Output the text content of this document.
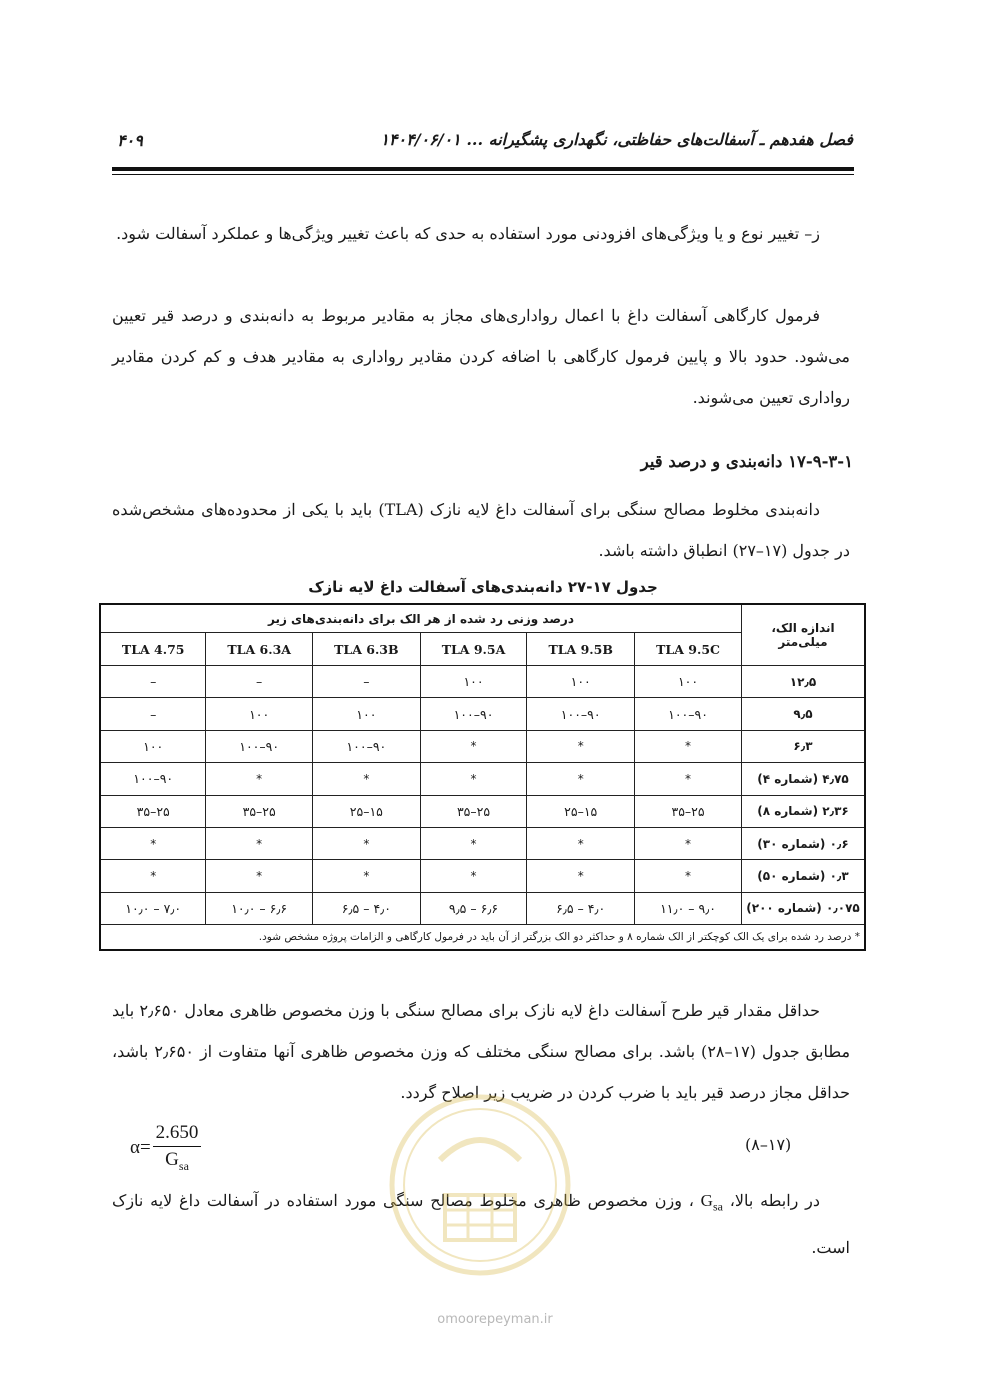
فصل هفدهم ـ آسفالت‌های حفاظتی، نگهداری پشگیرانه ... ۱۴۰۴/۰۶/۰۱
۴۰۹

ز– تغییر نوع و یا ویژگی‌های افزودنی مورد استفاده به حدی که باعث تغییر ویژگی‌ها و عملکرد آسفالت شود.

فرمول کارگاهی آسفالت داغ با اعمال رواداری‌های مجاز به مقادیر مربوط به دانه‌بندی و درصد قیر تعیین می‌شود. حدود بالا و پایین فرمول کارگاهی با اضافه کردن مقادیر رواداری به مقادیر هدف و کم کردن مقادیر رواداری تعیین می‌شوند.

۱۷-۹-۳-۱ دانه‌بندی و درصد قیر

دانه‌بندی مخلوط مصالح سنگی برای آسفالت داغ لایه نازک (TLA) باید با یکی از محدوده‌های مشخص‌شده در جدول (۱۷–۲۷) انطباق داشته باشد.

جدول ۱۷-۲۷ دانه‌بندی‌های آسفالت داغ لایه نازک
اندازه الک، میلی‌متر	درصد وزنی رد شده از هر الک برای دانه‌بندی‌های زیر					
	TLA 9.5C	TLA 9.5B	TLA 9.5A	TLA 6.3B	TLA 6.3A	TLA 4.75
۱۲٫۵	۱۰۰	۱۰۰	۱۰۰	–	–	–
۹٫۵	۹۰–۱۰۰	۹۰–۱۰۰	۹۰–۱۰۰	۱۰۰	۱۰۰	–
۶٫۳	*	*	*	۹۰–۱۰۰	۹۰–۱۰۰	۱۰۰
۴٫۷۵ (شماره ۴)	*	*	*	*	*	۹۰–۱۰۰
۲٫۳۶ (شماره ۸)	۲۵–۳۵	۱۵–۲۵	۲۵–۳۵	۱۵–۲۵	۲۵–۳۵	۲۵–۳۵
۰٫۶ (شماره ۳۰)	*	*	*	*	*	*
۰٫۳ (شماره ۵۰)	*	*	*	*	*	*
۰٫۰۷۵ (شماره ۲۰۰)	۹٫۰ – ۱۱٫۰	۴٫۰ – ۶٫۵	۶٫۶ – ۹٫۵	۴٫۰ – ۶٫۵	۶٫۶ – ۱۰٫۰	۷٫۰ – ۱۰٫۰
* درصد رد شده برای یک الک کوچکتر از الک شماره ۸ و حداکثر دو الک بزرگتر از آن باید در فرمول کارگاهی و الزامات پروژه مشخص شود.						

حداقل مقدار قیر طرح آسفالت داغ لایه نازک برای مصالح سنگی با وزن مخصوص ظاهری معادل ۲٫۶۵۰ باید مطابق جدول (۱۷–۲۸) باشد. برای مصالح سنگی مختلف که وزن مخصوص ظاهری آنها متفاوت از ۲٫۶۵۰ باشد، حداقل مجاز درصد قیر باید با ضرب کردن در ضریب زیر اصلاح گردد.

$\alpha= \frac{2.650}{G_{sa}}$	(۱۷–۸)

در رابطه بالا، $G_{sa}$ ، وزن مخصوص ظاهری مخلوط مصالح سنگی مورد استفاده در آسفالت داغ لایه نازک است.

omoorepeyman.ir
